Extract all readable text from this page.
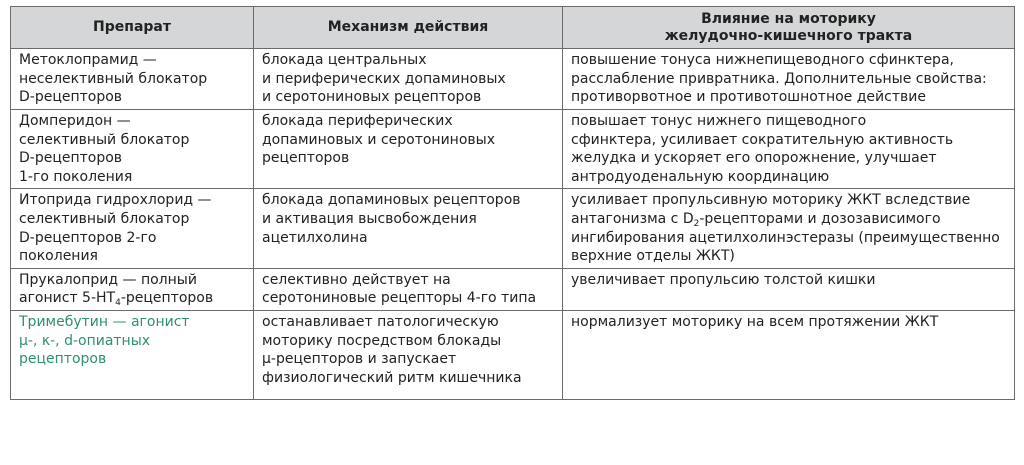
Препарат	Механизм действия	Влияние на моторику
желудочно-кишечного тракта

Метоклопрамид —
неселективный блокатор
D-рецепторов	блокада центральных
и периферических допаминовых
и серотониновых рецепторов	повышение тонуса нижнепищеводного сфинктера,
расслабление привратника. Дополнительные свойства:
противорвотное и противотошнотное действие

Домперидон —
селективный блокатор
D-рецепторов
1-го поколения	блокада периферических
допаминовых и серотониновых
рецепторов	повышает тонус нижнего пищеводного
сфинктера, усиливает сократительную активность
желудка и ускоряет его опорожнение, улучшает
антродуоденальную координацию

Итоприда гидрохлорид —
селективный блокатор
D-рецепторов 2-го
поколения	блокада допаминовых рецепторов
и активация высвобождения
ацетилхолина	усиливает пропульсивную моторику ЖКТ вследствие
антагонизма с $D_2$-рецепторами и дозозависимого
ингибирования ацетилхолинэстеразы (преимущественно
верхние отделы ЖКТ)

Прукалоприд — полный
агонист $5-НТ_4$-рецепторов	селективно действует на
серотониновые рецепторы 4-го типа	увеличивает пропульсию толстой кишки

Тримебутин — агонист
μ-, κ-, d-опиатных
рецепторов	останавливает патологическую
моторику посредством блокады
μ-рецепторов и запускает
физиологический ритм кишечника	нормализует моторику на всем протяжении ЖКТ
